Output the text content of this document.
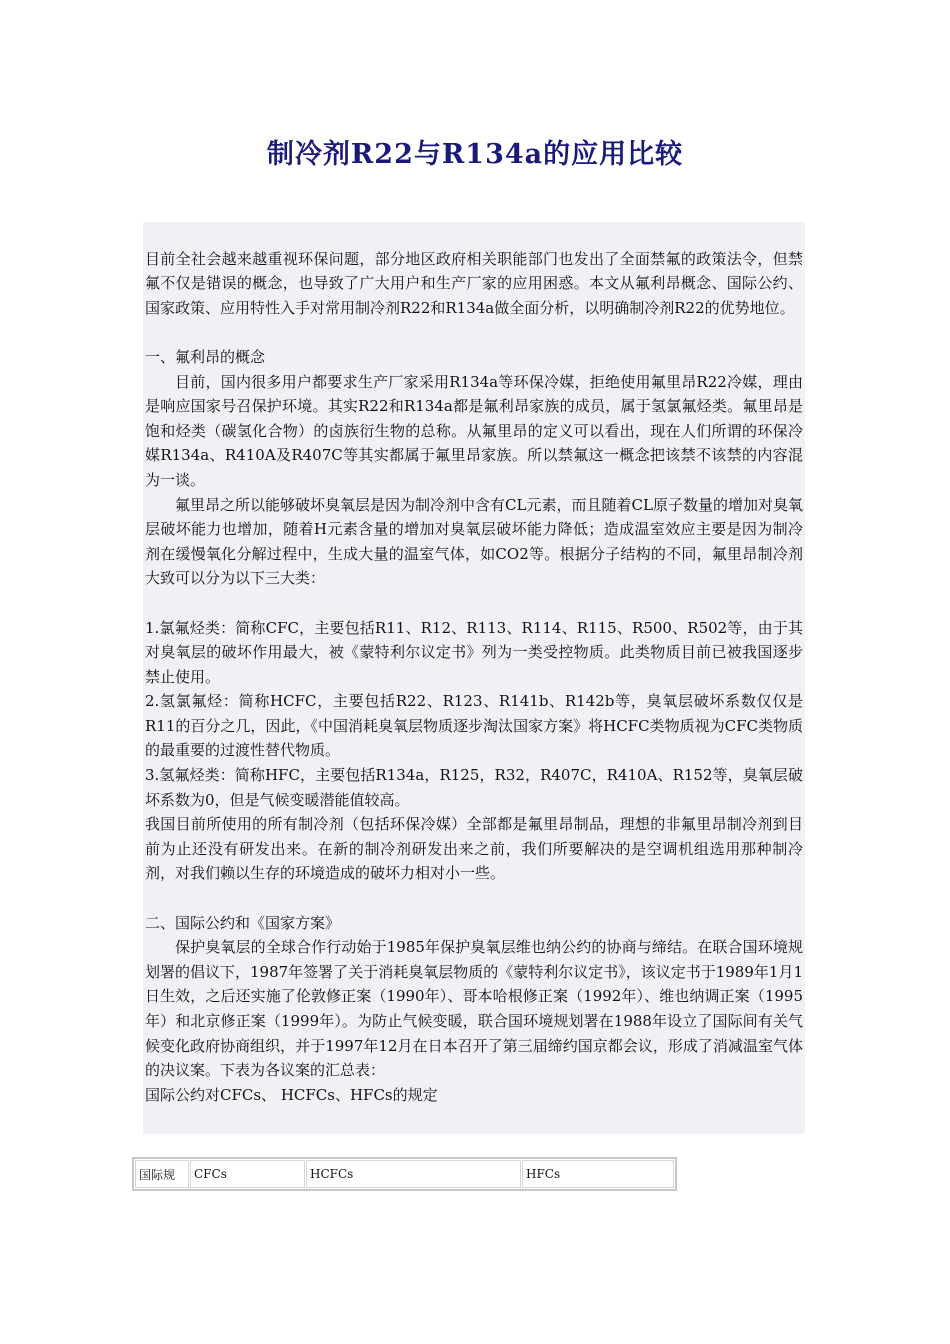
制冷剂R22与R134a的应用比较

目前全社会越来越重视环保问题，部分地区政府相关职能部门也发出了全面禁氟的政策法令，但禁氟不仅是错误的概念，也导致了广大用户和生产厂家的应用困惑。本文从氟利昂概念、国际公约、国家政策、应用特性入手对常用制冷剂R22和R134a做全面分析，以明确制冷剂R22的优势地位。

一、氟利昂的概念

目前，国内很多用户都要求生产厂家采用R134a等环保冷媒，拒绝使用氟里昂R22冷媒，理由是响应国家号召保护环境。其实R22和R134a都是氟利昂家族的成员，属于氢氯氟烃类。氟里昂是饱和烃类（碳氢化合物）的卤族衍生物的总称。从氟里昂的定义可以看出，现在人们所谓的环保冷媒R134a、R410A及R407C等其实都属于氟里昂家族。所以禁氟这一概念把该禁不该禁的内容混为一谈。

氟里昂之所以能够破坏臭氧层是因为制冷剂中含有CL元素，而且随着CL原子数量的增加对臭氧层破坏能力也增加，随着H元素含量的增加对臭氧层破坏能力降低；造成温室效应主要是因为制冷剂在缓慢氧化分解过程中，生成大量的温室气体，如CO2等。根据分子结构的不同，氟里昂制冷剂大致可以分为以下三大类：

1.氯氟烃类：简称CFC，主要包括R11、R12、R113、R114、R115、R500、R502等，由于其对臭氧层的破坏作用最大，被《蒙特利尔议定书》列为一类受控物质。此类物质目前已被我国逐步禁止使用。

2.氢氯氟烃：简称HCFC，主要包括R22、R123、R141b、R142b等，臭氧层破坏系数仅仅是R11的百分之几，因此，《中国消耗臭氧层物质逐步淘汰国家方案》将HCFC类物质视为CFC类物质的最重要的过渡性替代物质。

3.氢氟烃类：简称HFC，主要包括R134a，R125，R32，R407C，R410A、R152等，臭氧层破坏系数为0，但是气候变暖潜能值较高。

我国目前所使用的所有制冷剂（包括环保冷媒）全部都是氟里昂制品，理想的非氟里昂制冷剂到目前为止还没有研发出来。在新的制冷剂研发出来之前，我们所要解决的是空调机组选用那种制冷剂，对我们赖以生存的环境造成的破坏力相对小一些。

二、国际公约和《国家方案》

保护臭氧层的全球合作行动始于1985年保护臭氧层维也纳公约的协商与缔结。在联合国环境规划署的倡议下，1987年签署了关于消耗臭氧层物质的《蒙特利尔议定书》，该议定书于1989年1月1日生效，之后还实施了伦敦修正案（1990年）、哥本哈根修正案（1992年）、维也纳调正案（1995年）和北京修正案（1999年）。为防止气候变暖，联合国环境规划署在1988年设立了国际间有关气候变化政府协商组织，并于1997年12月在日本召开了第三届缔约国京都会议，形成了消减温室气体的决议案。下表为各议案的汇总表：

国际公约对CFCs、 HCFCs、HFCs的规定

国际规	CFCs	HCFCs	HFCs
